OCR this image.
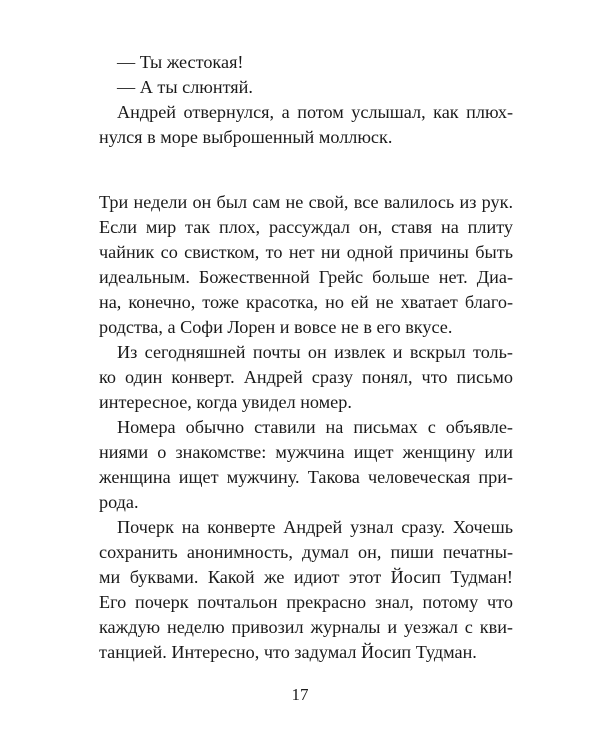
— Ты жестокая!
— А ты слюнтяй.
Андрей отвернулся, а потом услышал, как плюх-
нулся в море выброшенный моллюск.
Три недели он был сам не свой, все валилось из рук.
Если мир так плох, рассуждал он, ставя на плиту
чайник со свистком, то нет ни одной причины быть
идеальным. Божественной Грейс больше нет. Диа-
на, конечно, тоже красотка, но ей не хватает благо-
родства, а Софи Лорен и вовсе не в его вкусе.
Из сегодняшней почты он извлек и вскрыл толь-
ко один конверт. Андрей сразу понял, что письмо
интересное, когда увидел номер.
Номера обычно ставили на письмах с объявле-
ниями о знакомстве: мужчина ищет женщину или
женщина ищет мужчину. Такова человеческая при-
рода.
Почерк на конверте Андрей узнал сразу. Хочешь
сохранить анонимность, думал он, пиши печатны-
ми буквами. Какой же идиот этот Йосип Тудман!
Его почерк почтальон прекрасно знал, потому что
каждую неделю привозил журналы и уезжал с кви-
танцией. Интересно, что задумал Йосип Тудман.
17
